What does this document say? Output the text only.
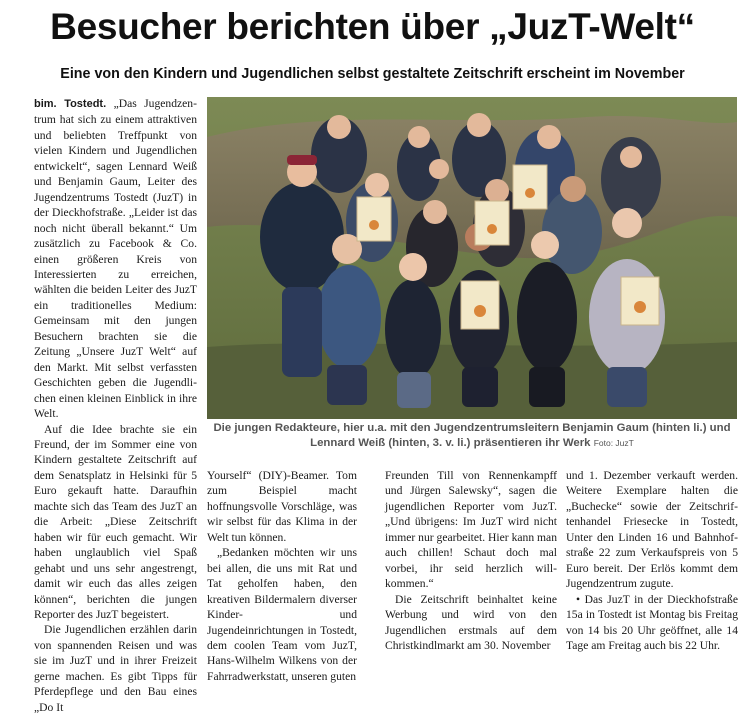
Besucher berichten über „JuzT-Welt“
Eine von den Kindern und Jugendlichen selbst gestaltete Zeitschrift erscheint im November

bim. Tostedt. „Das Jugendzentrum hat sich zu einem attraktiven und beliebten Treffpunkt von vielen Kindern und Jugendlichen entwickelt“, sagen Lennard Weiß und Benjamin Gaum, Leiter des Jugendzentrums Tostedt (JuzT) in der Dieckhofstraße. „Leider ist das noch nicht überall bekannt.“ Um zusätzlich zu Facebook & Co. einen größeren Kreis von Interessierten zu erreichen, wählten die beiden Leiter des JuzT ein traditionelles Medium: Gemeinsam mit den jungen Besuchern brachten sie die Zeitung „Unsere JuzT Welt“ auf den Markt. Mit selbst verfassten Geschichten geben die Jugendlichen einen kleinen Einblick in ihre Welt.

Auf die Idee brachte sie ein Freund, der im Sommer eine von Kindern gestaltete Zeitschrift auf dem Senatsplatz in Helsinki für 5 Euro gekauft hatte. Daraufhin machte sich das Team des JuzT an die Arbeit: „Diese Zeitschrift haben wir für euch gemacht. Wir haben unglaublich viel Spaß gehabt und uns sehr angestrengt, damit wir euch das alles zeigen können“, berichten die jungen Reporter des JuzT begeistert.

Die Jugendlichen erzählen darin von spannenden Reisen und was sie im JuzT und in ihrer Freizeit gerne machen. Es gibt Tipps für Pferdepflege und den Bau eines „Do It

Die jungen Redakteure, hier u.a. mit den Jugendzentrumsleitern Benjamin Gaum (hinten li.) und Lennard Weiß (hinten, 3. v. li.) präsentieren ihr Werk Foto: JuzT

Yourself“ (DIY)-Beamer. Tom zum Beispiel macht hoffnungsvolle Vorschläge, was wir selbst für das Klima in der Welt tun können.

„Bedanken möchten wir uns bei allen, die uns mit Rat und Tat geholfen haben, den kreativen Bildermalern diverser Kinder- und Jugendeinrichtungen in Tostedt, dem coolen Team vom JuzT, Hans-Wilhelm Wilkens von der Fahrradwerkstatt, unseren guten

Freunden Till von Rennenkampff und Jürgen Salewsky“, sagen die jugendlichen Reporter vom JuzT. „Und übrigens: Im JuzT wird nicht immer nur gearbeitet. Hier kann man auch chillen! Schaut doch mal vorbei, ihr seid herzlich willkommen.“

Die Zeitschrift beinhaltet keine Werbung und wird von den Jugendlichen erstmals auf dem Christkindlmarkt am 30. November

und 1. Dezember verkauft werden. Weitere Exemplare halten die „Buchecke“ sowie der Zeitschriftenhandel Friesecke in Tostedt, Unter den Linden 16 und Bahnhofstraße 22 zum Verkaufspreis von 5 Euro bereit. Der Erlös kommt dem Jugendzentrum zugute.

• Das JuzT in der Dieckhofstraße 15a in Tostedt ist Montag bis Freitag von 14 bis 20 Uhr geöffnet, alle 14 Tage am Freitag auch bis 22 Uhr.
